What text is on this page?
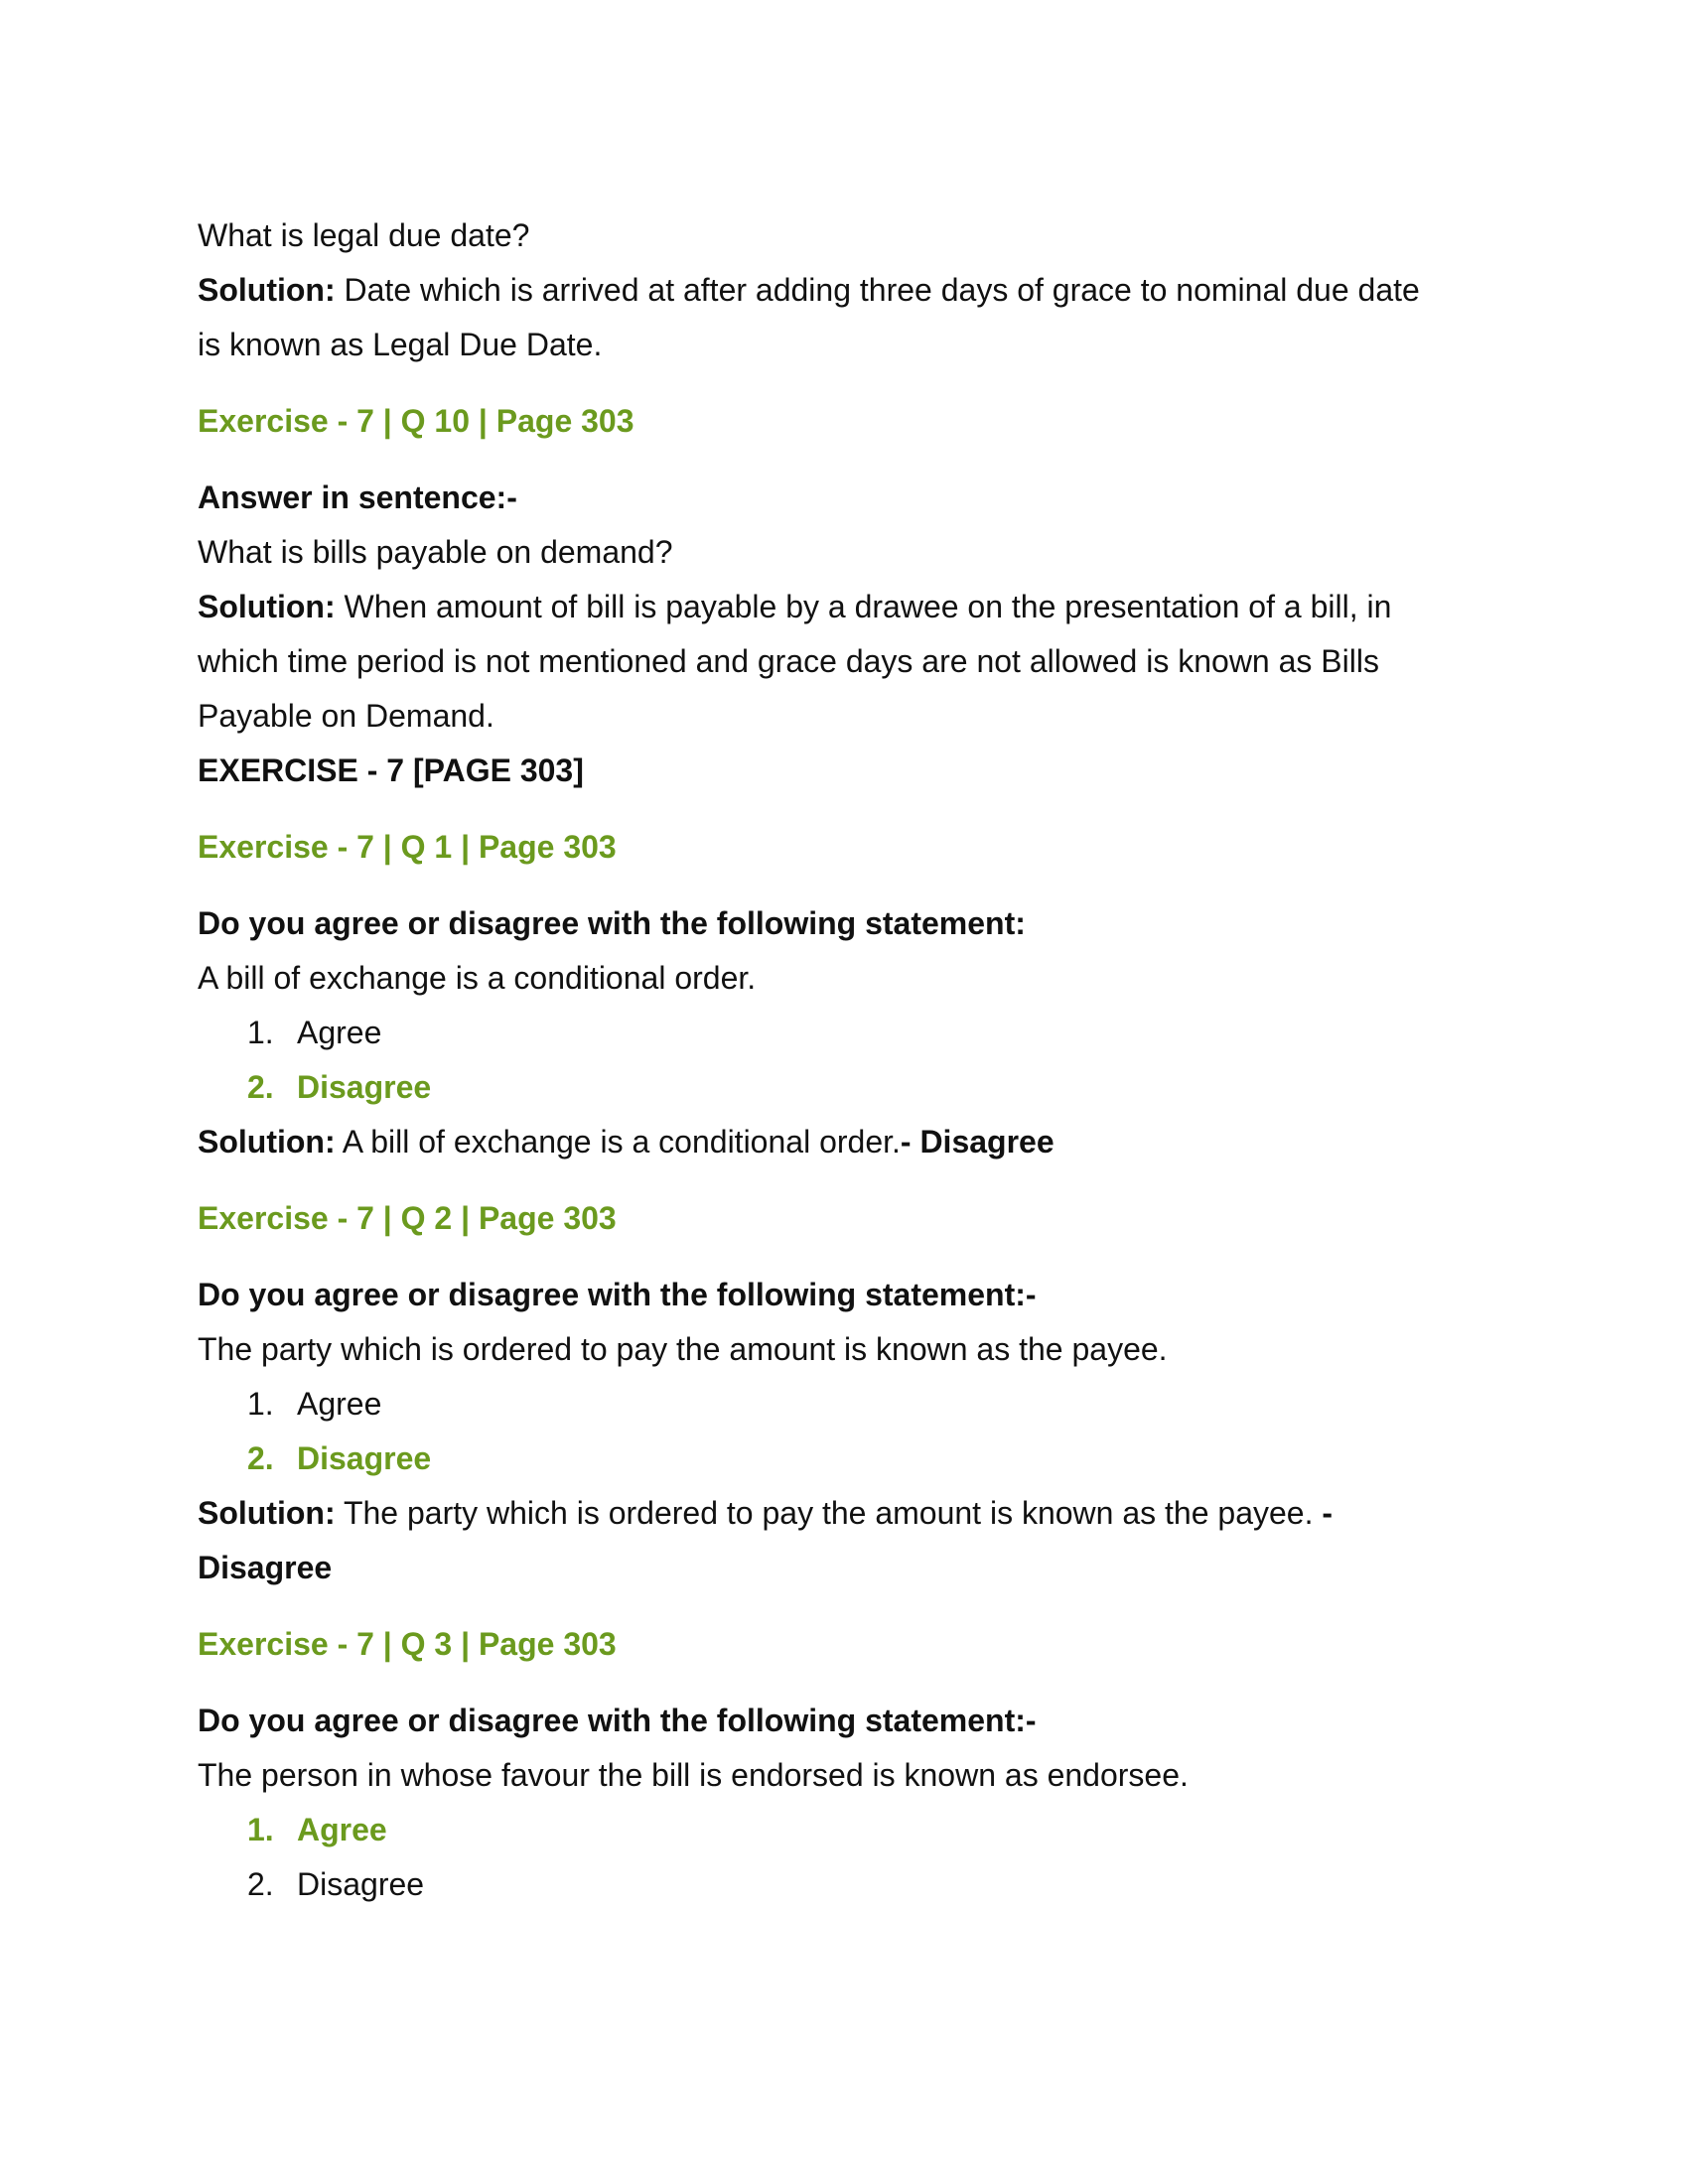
What is legal due date?

Solution: Date which is arrived at after adding three days of grace to nominal due date

is known as Legal Due Date.

Exercise - 7 | Q 10 | Page 303

Answer in sentence:-

What is bills payable on demand?

Solution: When amount of bill is payable by a drawee on the presentation of a bill, in

which time period is not mentioned and grace days are not allowed is known as Bills

Payable on Demand.

EXERCISE - 7 [PAGE 303]

Exercise - 7 | Q 1 | Page 303

Do you agree or disagree with the following statement:

A bill of exchange is a conditional order.

1. Agree

2. Disagree

Solution: A bill of exchange is a conditional order.- Disagree

Exercise - 7 | Q 2 | Page 303

Do you agree or disagree with the following statement:-

The party which is ordered to pay the amount is known as the payee.

1. Agree

2. Disagree

Solution: The party which is ordered to pay the amount is known as the payee. -

Disagree

Exercise - 7 | Q 3 | Page 303

Do you agree or disagree with the following statement:-

The person in whose favour the bill is endorsed is known as endorsee.

1. Agree

2. Disagree
